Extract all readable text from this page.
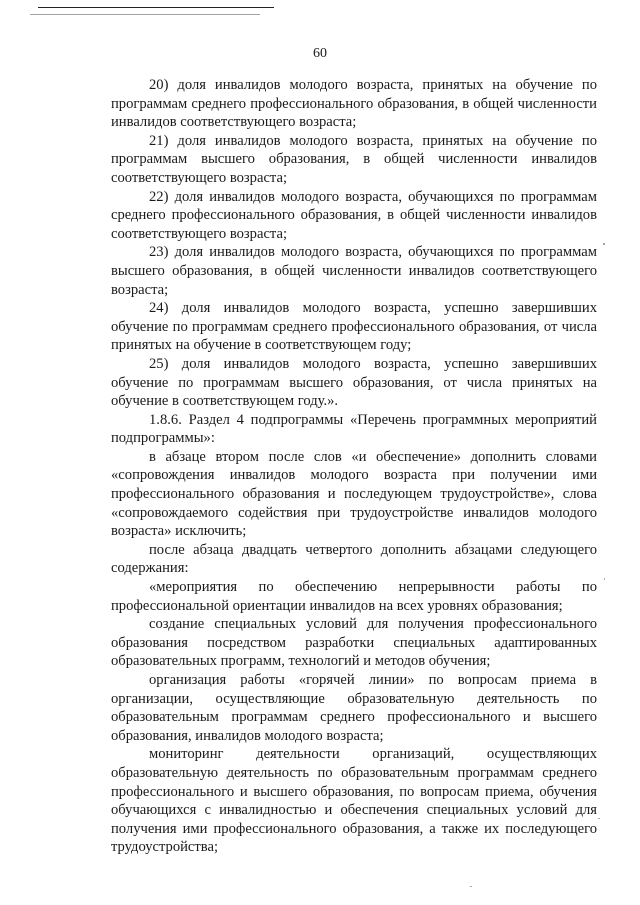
60

20) доля инвалидов молодого возраста, принятых на обучение по программам среднего профессионального образования, в общей численности инвалидов соответствующего возраста;

21) доля инвалидов молодого возраста, принятых на обучение по программам высшего образования, в общей численности инвалидов соответствующего возраста;

22) доля инвалидов молодого возраста, обучающихся по программам среднего профессионального образования, в общей численности инвалидов соответствующего возраста;

23) доля инвалидов молодого возраста, обучающихся по программам высшего образования, в общей численности инвалидов соответствующего возраста;

24) доля инвалидов молодого возраста, успешно завершивших обучение по программам среднего профессионального образования, от числа принятых на обучение в соответствующем году;

25) доля инвалидов молодого возраста, успешно завершивших обучение по программам высшего образования, от числа принятых на обучение в соответствующем году.».

1.8.6. Раздел 4 подпрограммы «Перечень программных мероприятий подпрограммы»:

в абзаце втором после слов «и обеспечение» дополнить словами «сопровождения инвалидов молодого возраста при получении ими профессионального образования и последующем трудоустройстве», слова «сопровождаемого содействия при трудоустройстве инвалидов молодого возраста» исключить;

после абзаца двадцать четвертого дополнить абзацами следующего содержания:

«мероприятия по обеспечению непрерывности работы по профессиональной ориентации инвалидов на всех уровнях образования;

создание специальных условий для получения профессионального образования посредством разработки специальных адаптированных образовательных программ, технологий и методов обучения;

организация работы «горячей линии» по вопросам приема в организации, осуществляющие образовательную деятельность по образовательным программам среднего профессионального и высшего образования, инвалидов молодого возраста;

мониторинг деятельности организаций, осуществляющих образовательную деятельность по образовательным программам среднего профессионального и высшего образования, по вопросам приема, обучения обучающихся с инвалидностью и обеспечения специальных условий для получения ими профессионального образования, а также их последующего трудоустройства;
